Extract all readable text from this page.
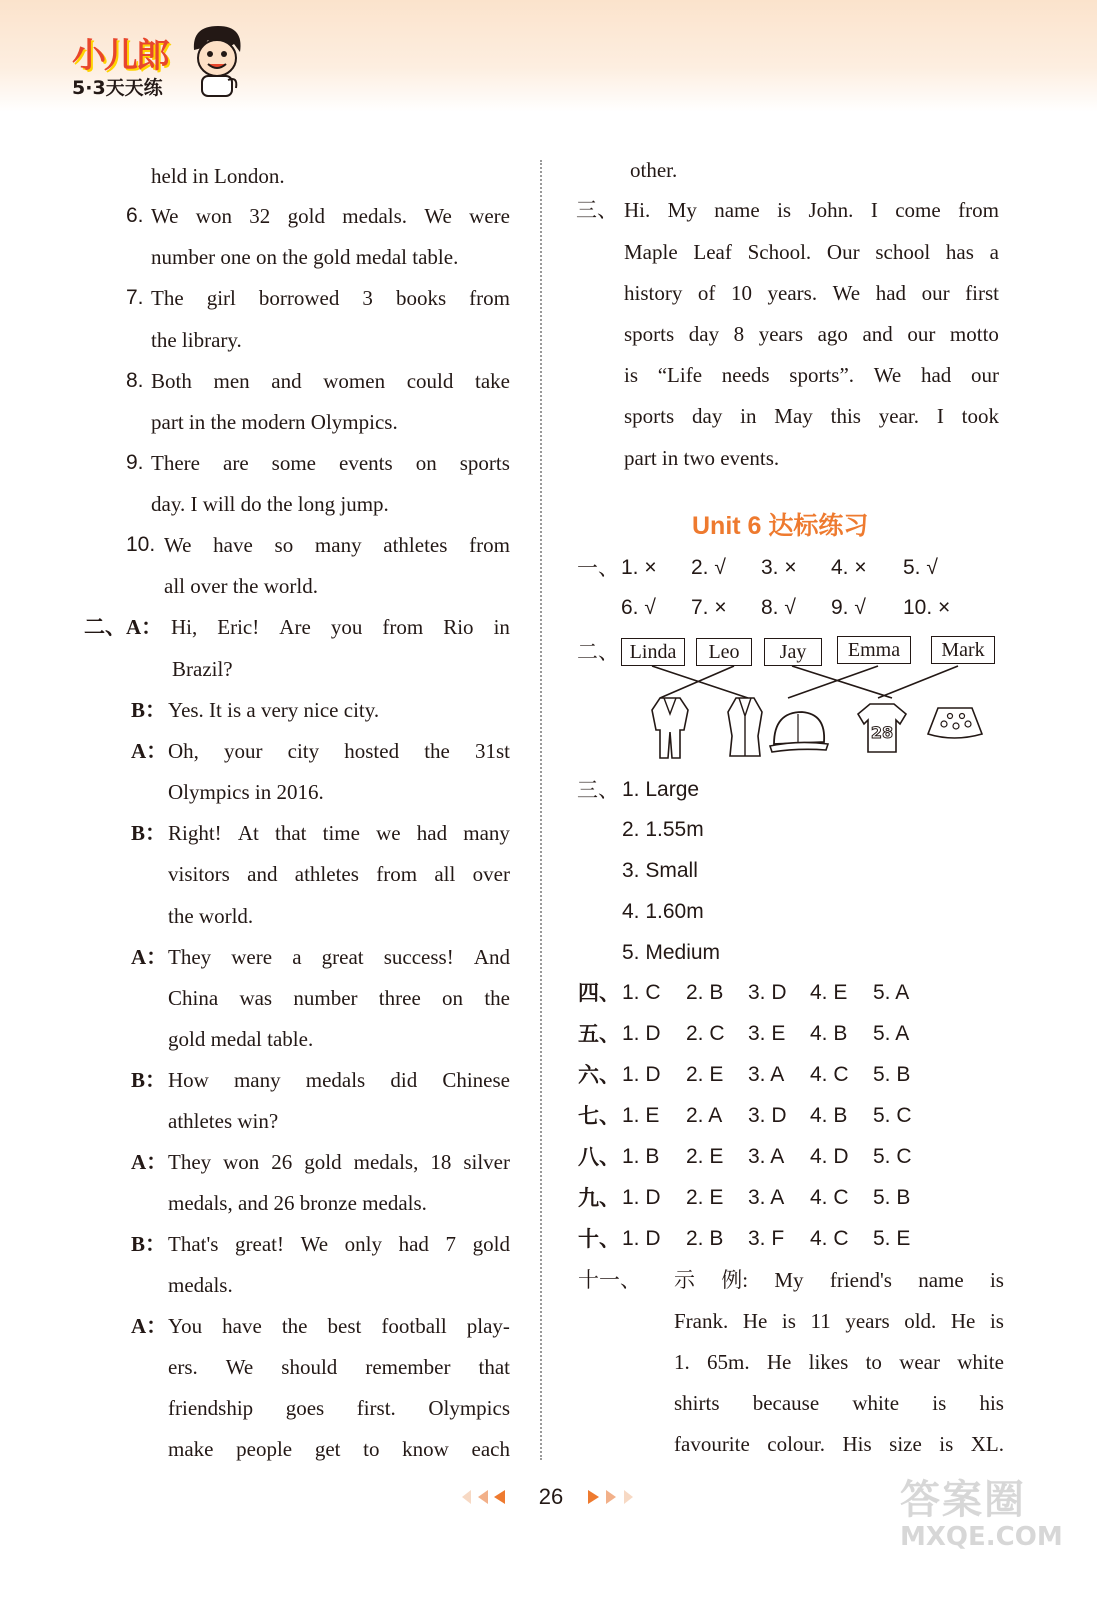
小儿郎
5·3天天练
held in London.
6. We won 32 gold medals. We were
number one on the gold medal table.
7. The girl borrowed 3 books from
the library.
8. Both men and women could take
part in the modern Olympics.
9. There are some events on sports
day. I will do the long jump.
10. We have so many athletes from
all over the world.
二、A： Hi, Eric! Are you from Rio in
Brazil?
B： Yes. It is a very nice city.
A： Oh, your city hosted the 31st
Olympics in 2016.
B： Right! At that time we had many
visitors and athletes from all over
the world.
A： They were a great success! And
China was number three on the
gold medal table.
B： How many medals did Chinese
athletes win?
A： They won 26 gold medals, 18 silver
medals, and 26 bronze medals.
B： That's great! We only had 7 gold
medals.
A： You have the best football play-
ers. We should remember that
friendship goes first. Olympics
make people get to know each
other.
三、 Hi. My name is John. I come from
Maple Leaf School. Our school has a
history of 10 years. We had our first
sports day 8 years ago and our motto
is “Life needs sports”. We had our
sports day in May this year. I took
part in two events.
Unit 6 达标练习
一、 1. × 2. √ 3. × 4. × 5. √
6. √ 7. × 8. √ 9. √ 10. ×
二、 Linda	Leo	Jay	Emma	Mark
28
三、 1. Large
2. 1.55m
3. Small
4. 1.60m
5. Medium
四、 1. C 2. B 3. D 4. E 5. A
五、 1. D 2. C 3. E 4. B 5. A
六、 1. D 2. E 3. A 4. C 5. B
七、 1. E 2. A 3. D 4. B 5. C
八、 1. B 2. E 3. A 4. D 5. C
九、 1. D 2. E 3. A 4. C 5. B
十、 1. D 2. B 3. F 4. C 5. E
十一、 示 例: My friend's name is
Frank. He is 11 years old. He is
1. 65m. He likes to wear white
shirts because white is his
favourite colour. His size is XL.
26	答案圈
MXQE.COM
